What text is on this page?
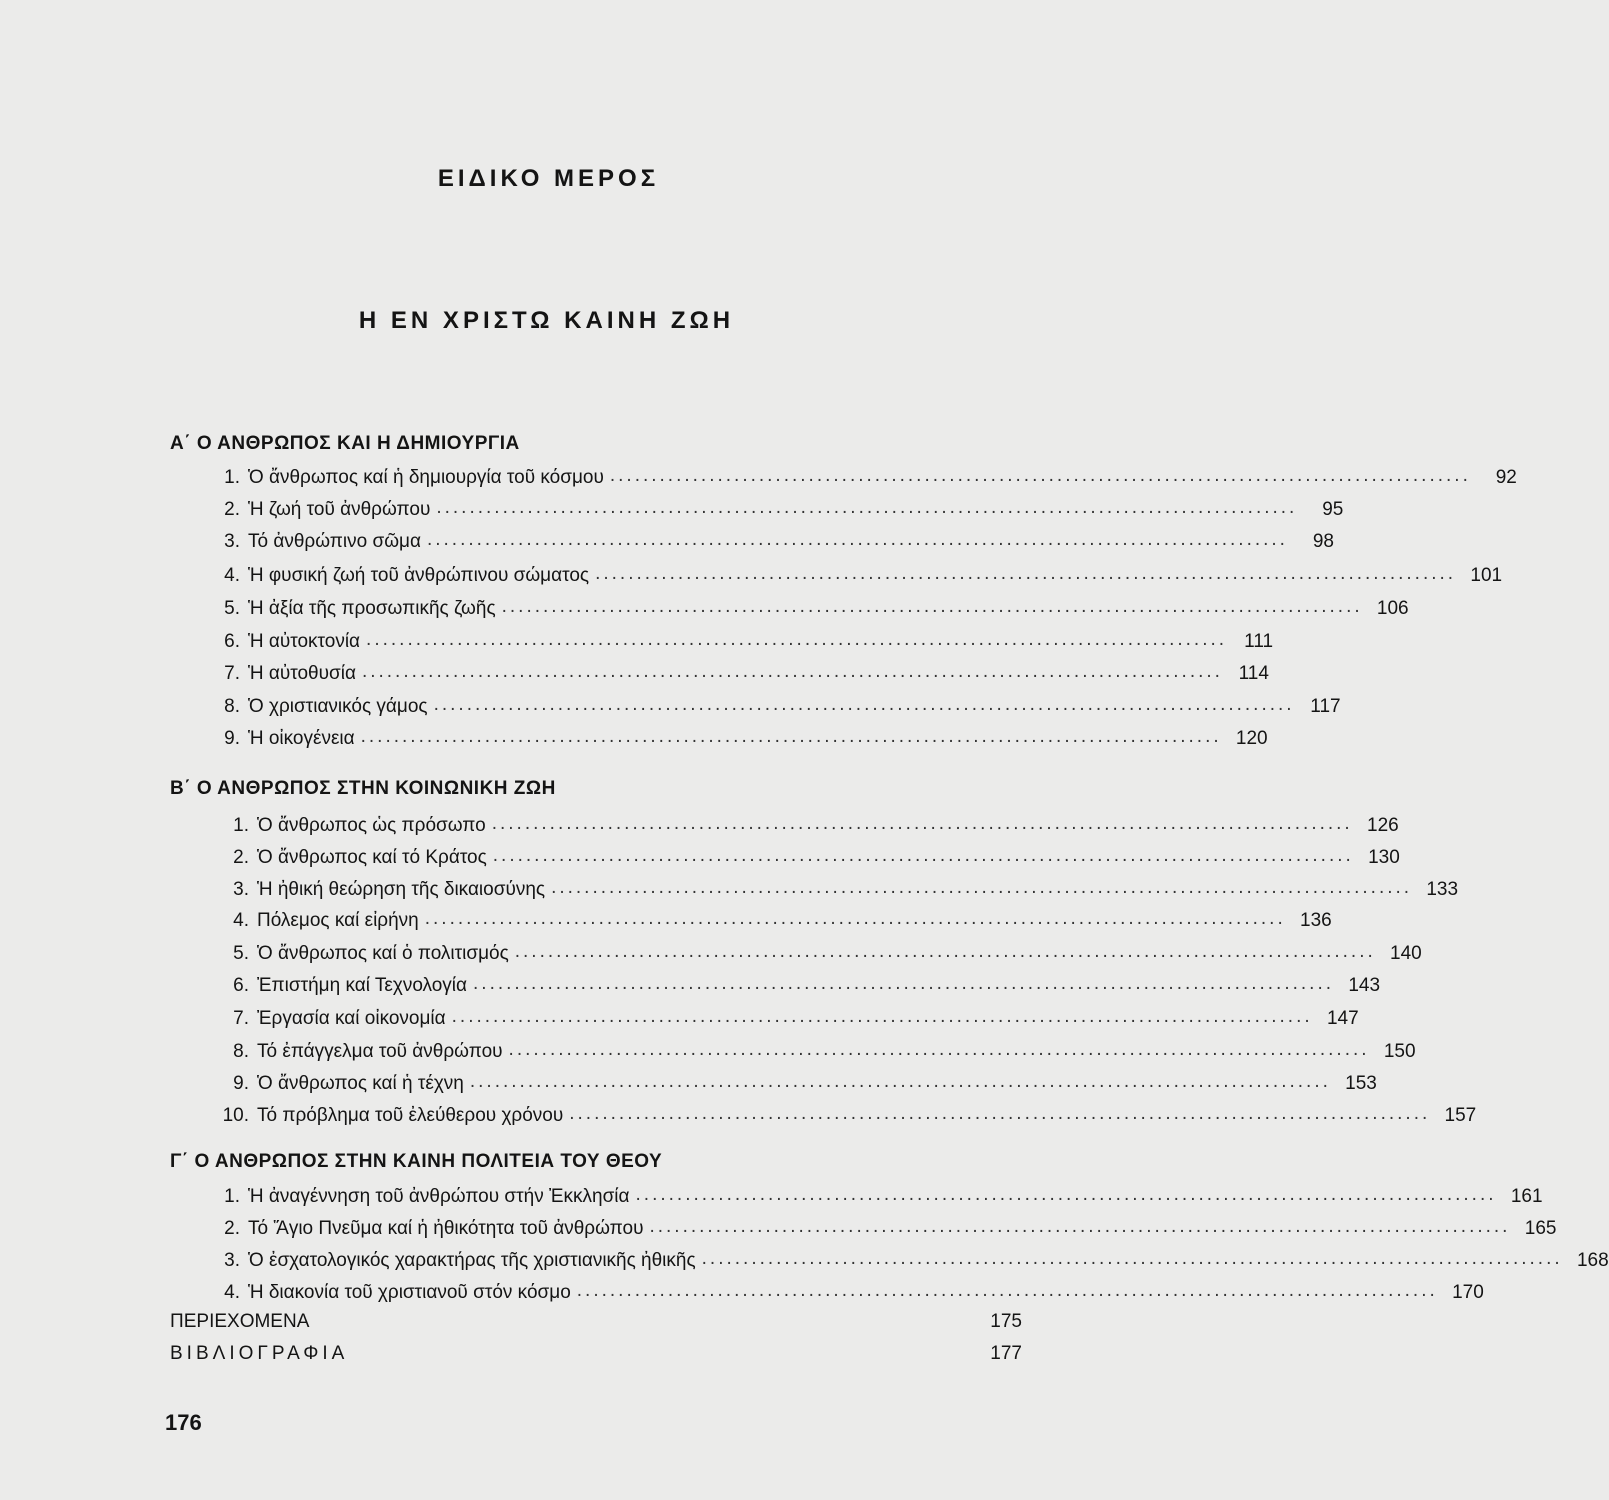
ΕΙΔΙΚΟ ΜΕΡΟΣ
Η ΕΝ ΧΡΙΣΤΩ ΚΑΙΝΗ ΖΩΗ
Α΄ Ο ΑΝΘΡΩΠΟΣ ΚΑΙ Η ΔΗΜΙΟΥΡΓΙΑ
1. Ὁ ἄνθρωπος καί ἡ δημιουργία τοῦ κόσμου ........................................................................................................	92
2. Ἡ ζωή τοῦ ἀνθρώπου ........................................................................................................	95
3. Τό ἀνθρώπινο σῶμα ........................................................................................................	98
4. Ἡ φυσική ζωή τοῦ ἀνθρώπινου σώματος ........................................................................................................ 101
5. Ἡ ἀξία τῆς προσωπικῆς ζωῆς ........................................................................................................ 106
6. Ἡ αὐτοκτονία ........................................................................................................ 111
7. Ἡ αὐτοθυσία ........................................................................................................ 114
8. Ὁ χριστιανικός γάμος ........................................................................................................ 117
9. Ἡ οἰκογένεια ........................................................................................................ 120
Β΄ Ο ΑΝΘΡΩΠΟΣ ΣΤΗΝ ΚΟΙΝΩΝΙΚΗ ΖΩΗ
1. Ὁ ἄνθρωπος ὡς πρόσωπο ........................................................................................................ 126
2. Ὁ ἄνθρωπος καί τό Κράτος ........................................................................................................ 130
3. Ἡ ἠθική θεώρηση τῆς δικαιοσύνης ........................................................................................................ 133
4. Πόλεμος καί εἰρήνη ........................................................................................................ 136
5. Ὁ ἄνθρωπος καί ὁ πολιτισμός ........................................................................................................ 140
6. Ἐπιστήμη καί Τεχνολογία ........................................................................................................ 143
7. Ἐργασία καί οἰκονομία ........................................................................................................ 147
8. Τό ἐπάγγελμα τοῦ ἀνθρώπου ........................................................................................................ 150
9. Ὁ ἄνθρωπος καί ἡ τέχνη ........................................................................................................ 153
10. Τό πρόβλημα τοῦ ἐλεύθερου χρόνου ........................................................................................................ 157
Γ΄ Ο ΑΝΘΡΩΠΟΣ ΣΤΗΝ ΚΑΙΝΗ ΠΟΛΙΤΕΙΑ ΤΟΥ ΘΕΟΥ
1. Ἡ ἀναγέννηση τοῦ ἀνθρώπου στήν Ἐκκλησία ........................................................................................................ 161
2. Τό Ἅγιο Πνεῦμα καί ἡ ἠθικότητα τοῦ ἀνθρώπου ........................................................................................................ 165
3. Ὁ ἐσχατολογικός χαρακτήρας τῆς χριστιανικῆς ἠθικῆς ........................................................................................................ 168
4. Ἡ διακονία τοῦ χριστιανοῦ στόν κόσμο ........................................................................................................ 170
ΠΕΡΙΕΧΟΜΕΝΑ	175
ΒΙΒΛΙΟΓΡΑΦΙΑ	177
176
